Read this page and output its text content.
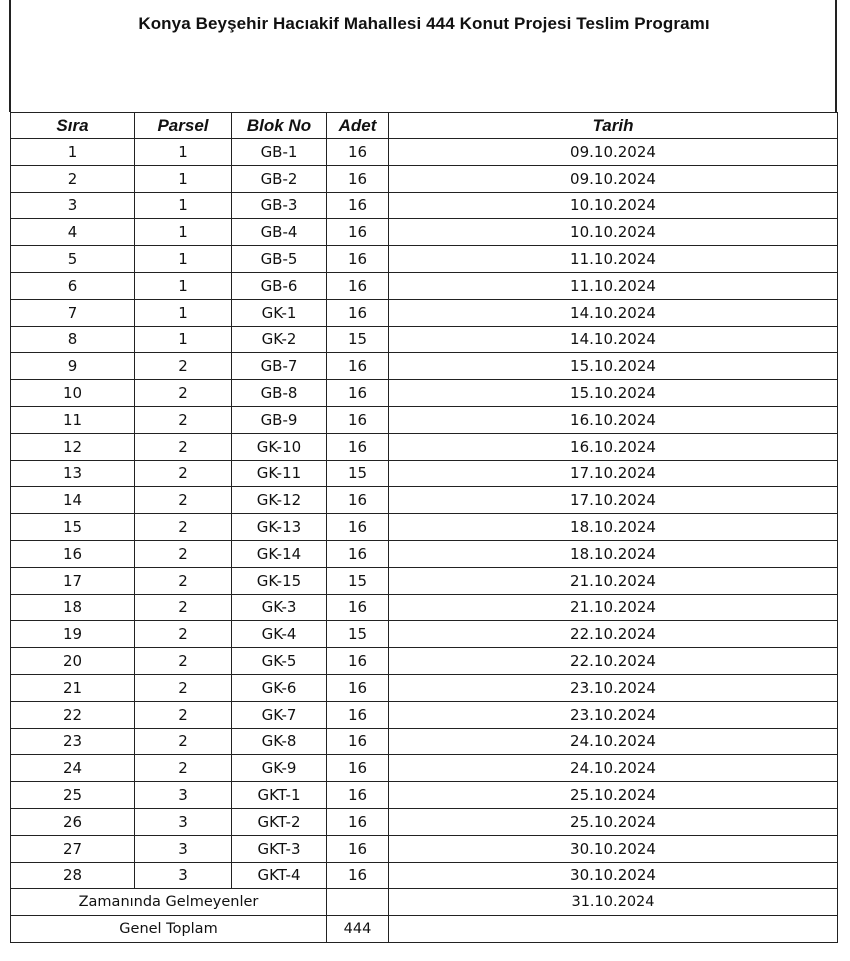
Konya Beyşehir Hacıakif Mahallesi 444 Konut Projesi Teslim Programı
Sıra	Parsel	Blok No	Adet	Tarih
1	1	GB-1	16	09.10.2024
2	1	GB-2	16	09.10.2024
3	1	GB-3	16	10.10.2024
4	1	GB-4	16	10.10.2024
5	1	GB-5	16	11.10.2024
6	1	GB-6	16	11.10.2024
7	1	GK-1	16	14.10.2024
8	1	GK-2	15	14.10.2024
9	2	GB-7	16	15.10.2024
10	2	GB-8	16	15.10.2024
11	2	GB-9	16	16.10.2024
12	2	GK-10	16	16.10.2024
13	2	GK-11	15	17.10.2024
14	2	GK-12	16	17.10.2024
15	2	GK-13	16	18.10.2024
16	2	GK-14	16	18.10.2024
17	2	GK-15	15	21.10.2024
18	2	GK-3	16	21.10.2024
19	2	GK-4	15	22.10.2024
20	2	GK-5	16	22.10.2024
21	2	GK-6	16	23.10.2024
22	2	GK-7	16	23.10.2024
23	2	GK-8	16	24.10.2024
24	2	GK-9	16	24.10.2024
25	3	GKT-1	16	25.10.2024
26	3	GKT-2	16	25.10.2024
27	3	GKT-3	16	30.10.2024
28	3	GKT-4	16	30.10.2024
Zamanında Gelmeyenler				31.10.2024
Genel Toplam			444	
